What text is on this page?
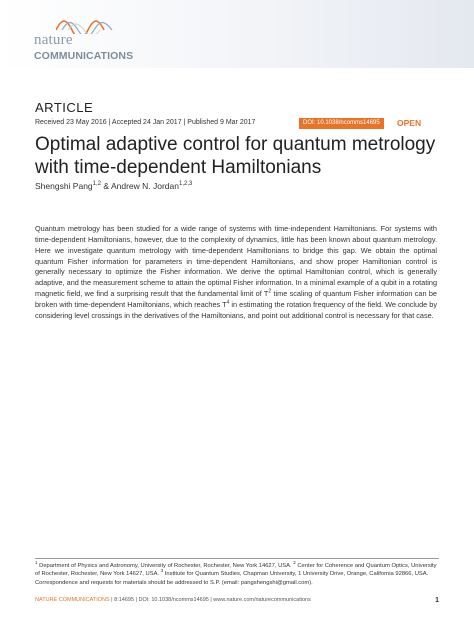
nature
COMMUNICATIONS
ARTICLE
Received 23 May 2016 | Accepted 24 Jan 2017 | Published 9 Mar 2017	DOI: 10.1038/ncomms14695	OPEN
Optimal adaptive control for quantum metrology with time-dependent Hamiltonians
Shengshi Pang$^{1,2}$ & Andrew N. Jordan$^{1,2,3}$

Quantum metrology has been studied for a wide range of systems with time-independent Hamiltonians. For systems with time-dependent Hamiltonians, however, due to the complexity of dynamics, little has been known about quantum metrology. Here we investigate quantum metrology with time-dependent Hamiltonians to bridge this gap. We obtain the optimal quantum Fisher information for parameters in time-dependent Hamiltonians, and show proper Hamiltonian control is generally necessary to optimize the Fisher information. We derive the optimal Hamiltonian control, which is generally adaptive, and the measurement scheme to attain the optimal Fisher information. In a minimal example of a qubit in a rotating magnetic field, we find a surprising result that the fundamental limit of $T^2$ time scaling of quantum Fisher information can be broken with time-dependent Hamiltonians, which reaches $T^4$ in estimating the rotation frequency of the field. We conclude by considering level crossings in the derivatives of the Hamiltonians, and point out additional control is necessary for that case.

$^1$ Department of Physics and Astronomy, University of Rochester, Rochester, New York 14627, USA. $^2$ Center for Coherence and Quantum Optics, University of Rochester, Rochester, New York 14627, USA. $^3$ Institute for Quantum Studies, Chapman University, 1 University Drive, Orange, California 92866, USA.
Correspondence and requests for materials should be addressed to S.P. (email: pangshengshi@gmail.com).

NATURE COMMUNICATIONS | 8:14695 | DOI: 10.1038/ncomms14695 | www.nature.com/naturecommunications	1
